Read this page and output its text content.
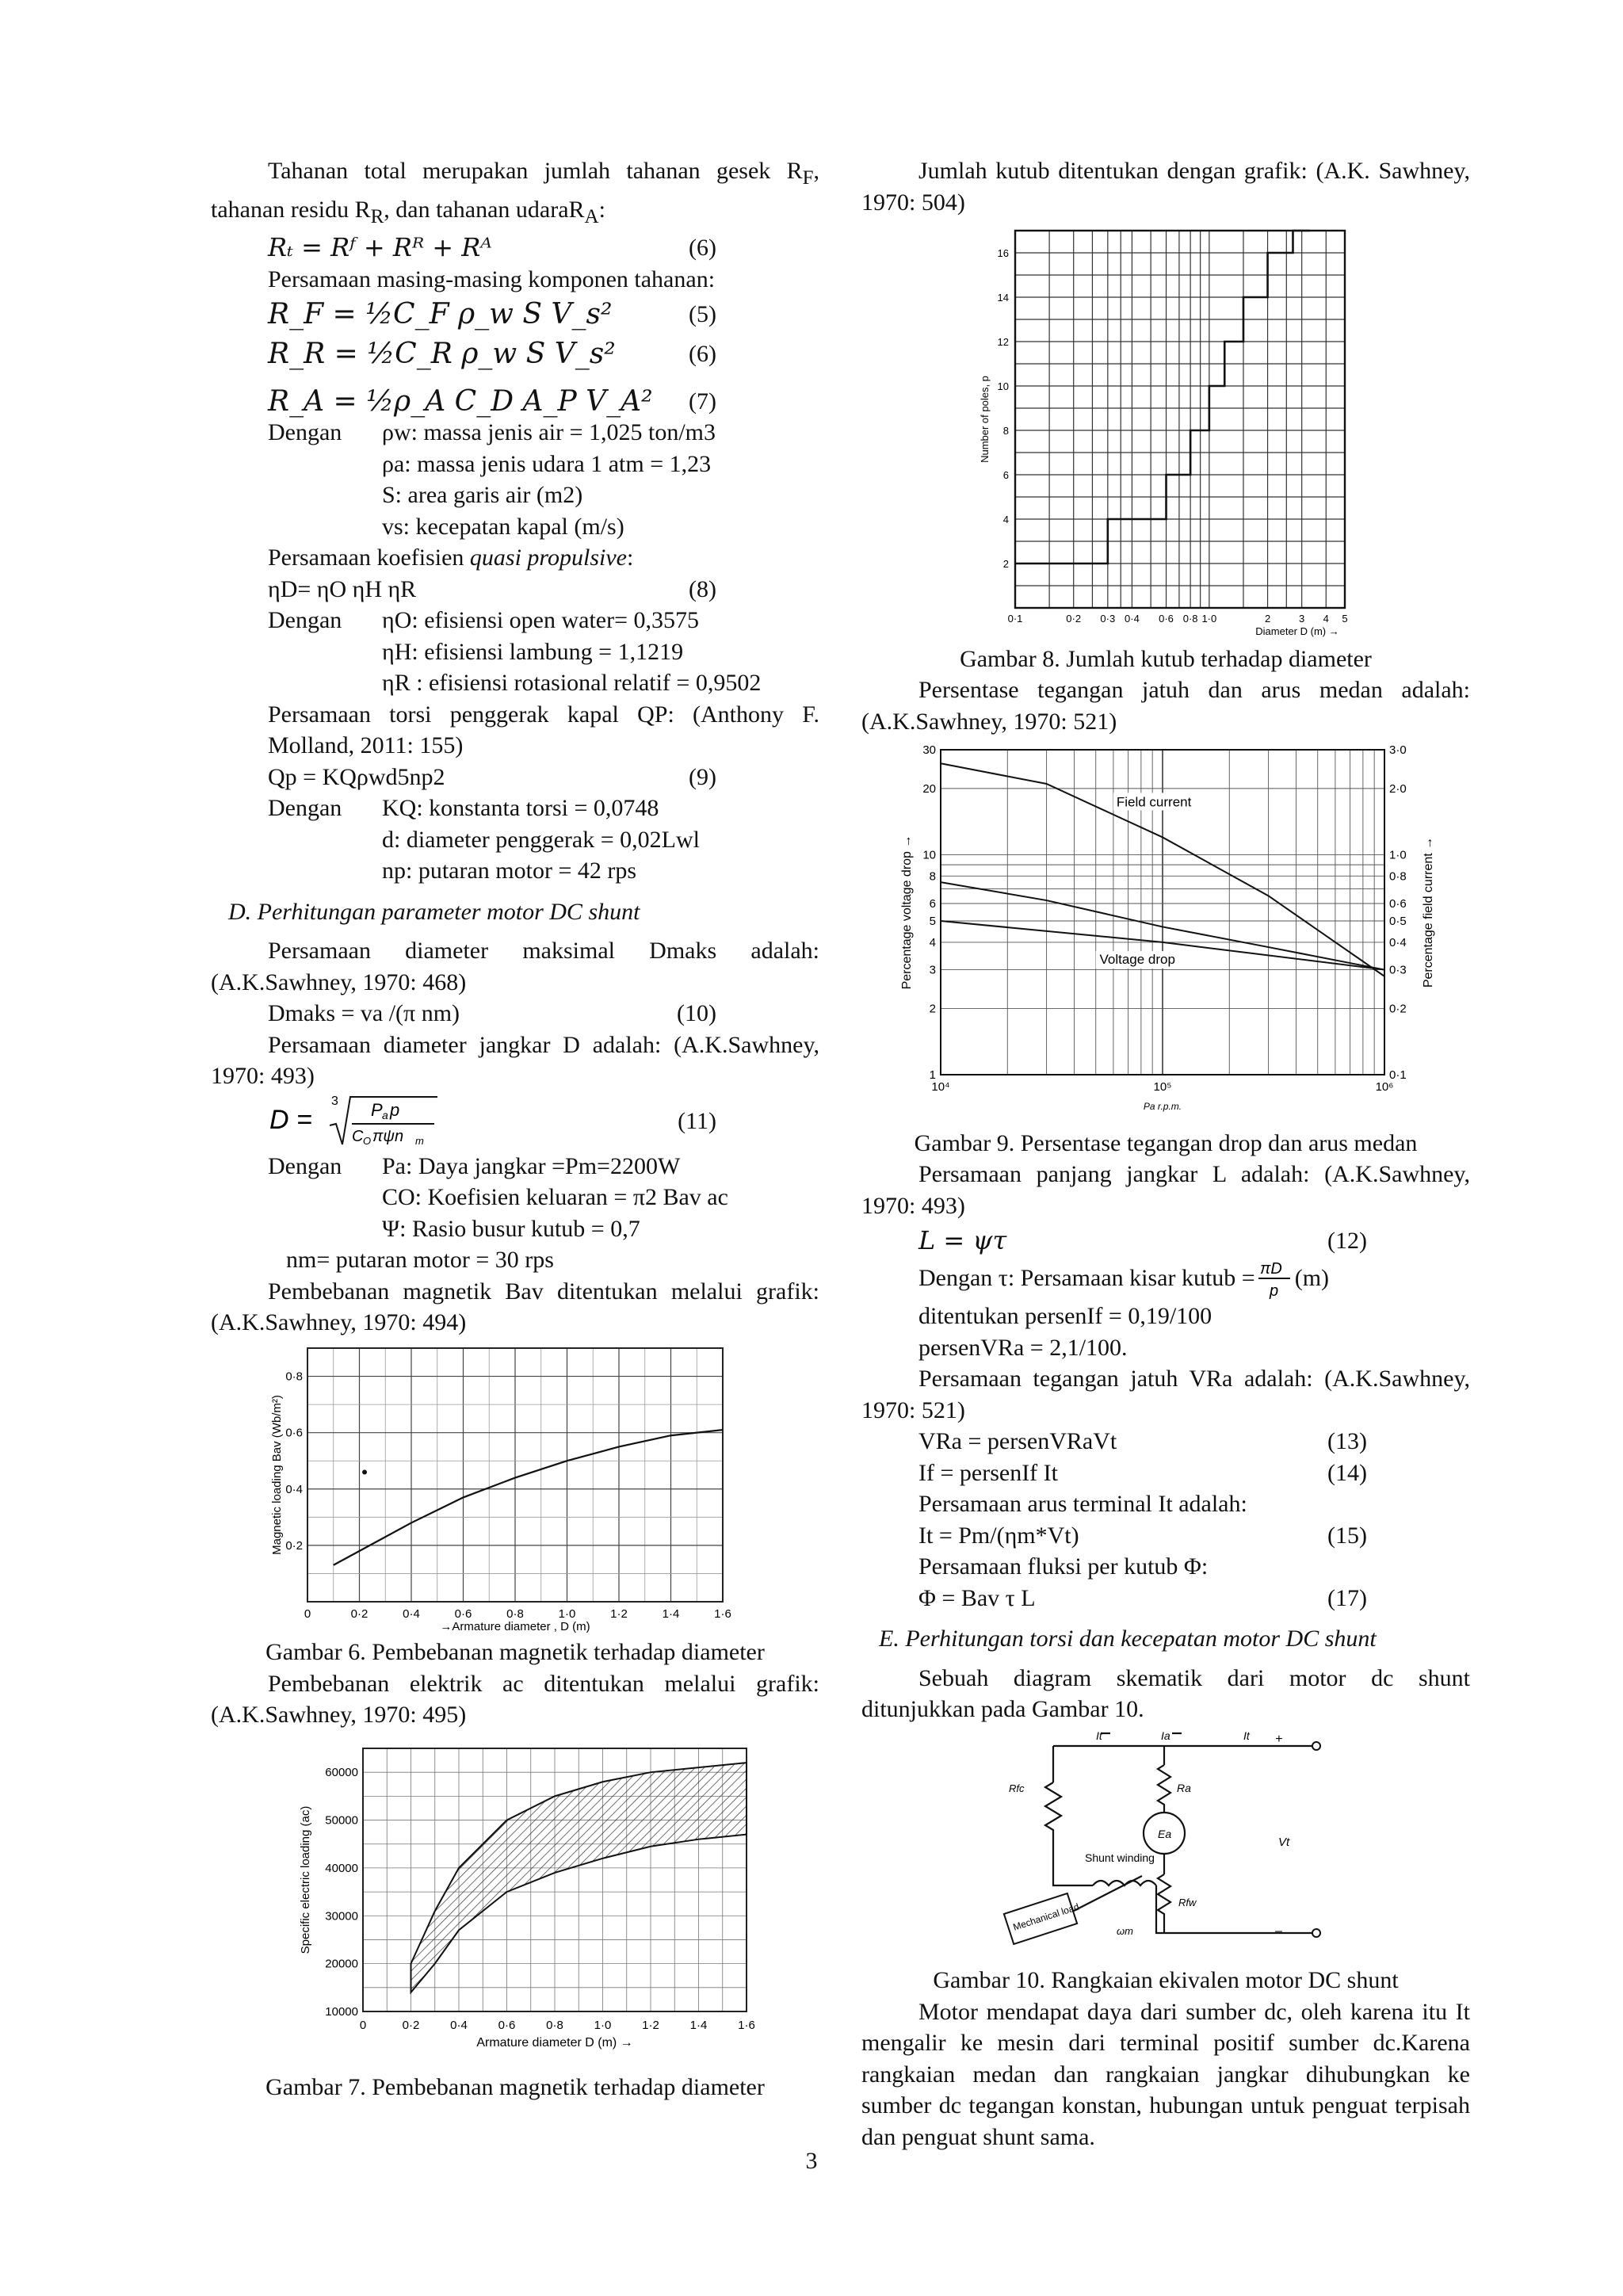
Tahanan total merupakan jumlah tahanan gesek $R_F$, tahanan residu $R_R$, dan tahanan udaraR$_A$:

Rₜ = Rᶠ + Rᴿ + Rᴬ	(6)

Persamaan masing-masing komponen tahanan:

R_F = ½C_F ρ_w S V_s²	(5)
R_R = ½C_R ρ_w S V_s²	(6)
R_A = ½ρ_A C_D A_P V_A² (7)
Dengan	ρw: massa jenis air = 1,025 ton/m3
ρa: massa jenis udara 1 atm = 1,23
S: area garis air (m2)
vs: kecepatan kapal (m/s)

Persamaan koefisien quasi propulsive:

ηD= ηO ηH ηR	(8)
Dengan	ηO: efisiensi open water= 0,3575
ηH: efisiensi lambung = 1,1219
ηR : efisiensi rotasional relatif = 0,9502

Persamaan torsi penggerak kapal QP: (Anthony F. Molland, 2011: 155)

Qp = KQρwd5np2	(9)
Dengan	KQ: konstanta torsi = 0,0748
d: diameter penggerak = 0,02Lwl
np: putaran motor = 42 rps

D. Perhitungan parameter motor DC shunt

Persamaan diameter maksimal Dmaks adalah: (A.K.Sawhney, 1970: 468)

Dmaks = va /(π nm)	(10)

Persamaan diameter jangkar D adalah: (A.K.Sawhney, 1970: 493)

D =
3 P a p
C O πψn m
(11)
Dengan	Pa: Daya jangkar =Pm=2200W
CO: Koefisien keluaran = π2 Bav ac
Ψ: Rasio busur kutub = 0,7

nm= putaran motor = 30 rps

Pembebanan magnetik Bav ditentukan melalui grafik: (A.K.Sawhney, 1970: 494)

0	0·2	0·4	0·6	0·8	1·0	1·2	1·4	1·6
0·2
0·4
0·6
0·8
→Armature diameter , D (m)
Magnetic loading Bav (Wb/m²)

Gambar 6. Pembebanan magnetik terhadap diameter

Pembebanan elektrik ac ditentukan melalui grafik: (A.K.Sawhney, 1970: 495)

0	0·2	0·4	0·6	0·8	1·0	1·2	1·4	1·6
10000
20000
30000
40000
50000
60000
Armature diameter D (m) →
Specific electric loading (ac)

Gambar 7. Pembebanan magnetik terhadap diameter

Jumlah kutub ditentukan dengan grafik: (A.K. Sawhney, 1970: 504)

0·1	0·2 0·3 0·4 0·6 0·8 1·0	2	3 4 5
2
4
6
8
10
12
14
16
Diameter D (m) →
Number of poles, p

Gambar 8. Jumlah kutub terhadap diameter

Persentase tegangan jatuh dan arus medan adalah: (A.K.Sawhney, 1970: 521)

1
2
3
4
5
6
8
10
20
30
0·1
0·2
0·3
0·4
0·5
0·6
0·8
1·0
2·0
3·0
10⁴	10⁵	10⁶
Pa r.p.m.
Percentage voltage drop →	Percentage field current →
Field current
Voltage drop

Gambar 9. Persentase tegangan drop dan arus medan

Persamaan panjang jangkar L adalah: (A.K.Sawhney, 1970: 493)

L = ψτ	(12)
Dengan τ: Persamaan kisar kutub = πD
p (m)

ditentukan persenIf = 0,19/100

persenVRa = 2,1/100.

Persamaan tegangan jatuh VRa adalah: (A.K.Sawhney, 1970: 521)

VRa = persenVRaVt	(13)
If = persenIf It	(14)

Persamaan arus terminal It adalah:

It = Pm/(ηm*Vt)	(15)

Persamaan fluksi per kutub Φ:

Φ = Bav τ L	(17)

E. Perhitungan torsi dan kecepatan motor DC shunt

Sebuah diagram skematik dari motor dc shunt ditunjukkan pada Gambar 10.

It	Ia	It
Rfc	Ra
Shunt winding
Ea
Vt
Mechanical load	ωm
Rfw
+
–

Gambar 10. Rangkaian ekivalen motor DC shunt

Motor mendapat daya dari sumber dc, oleh karena itu It mengalir ke mesin dari terminal positif sumber dc.Karena rangkaian medan dan rangkaian jangkar dihubungkan ke sumber dc tegangan konstan, hubungan untuk penguat terpisah dan penguat shunt sama.

3
